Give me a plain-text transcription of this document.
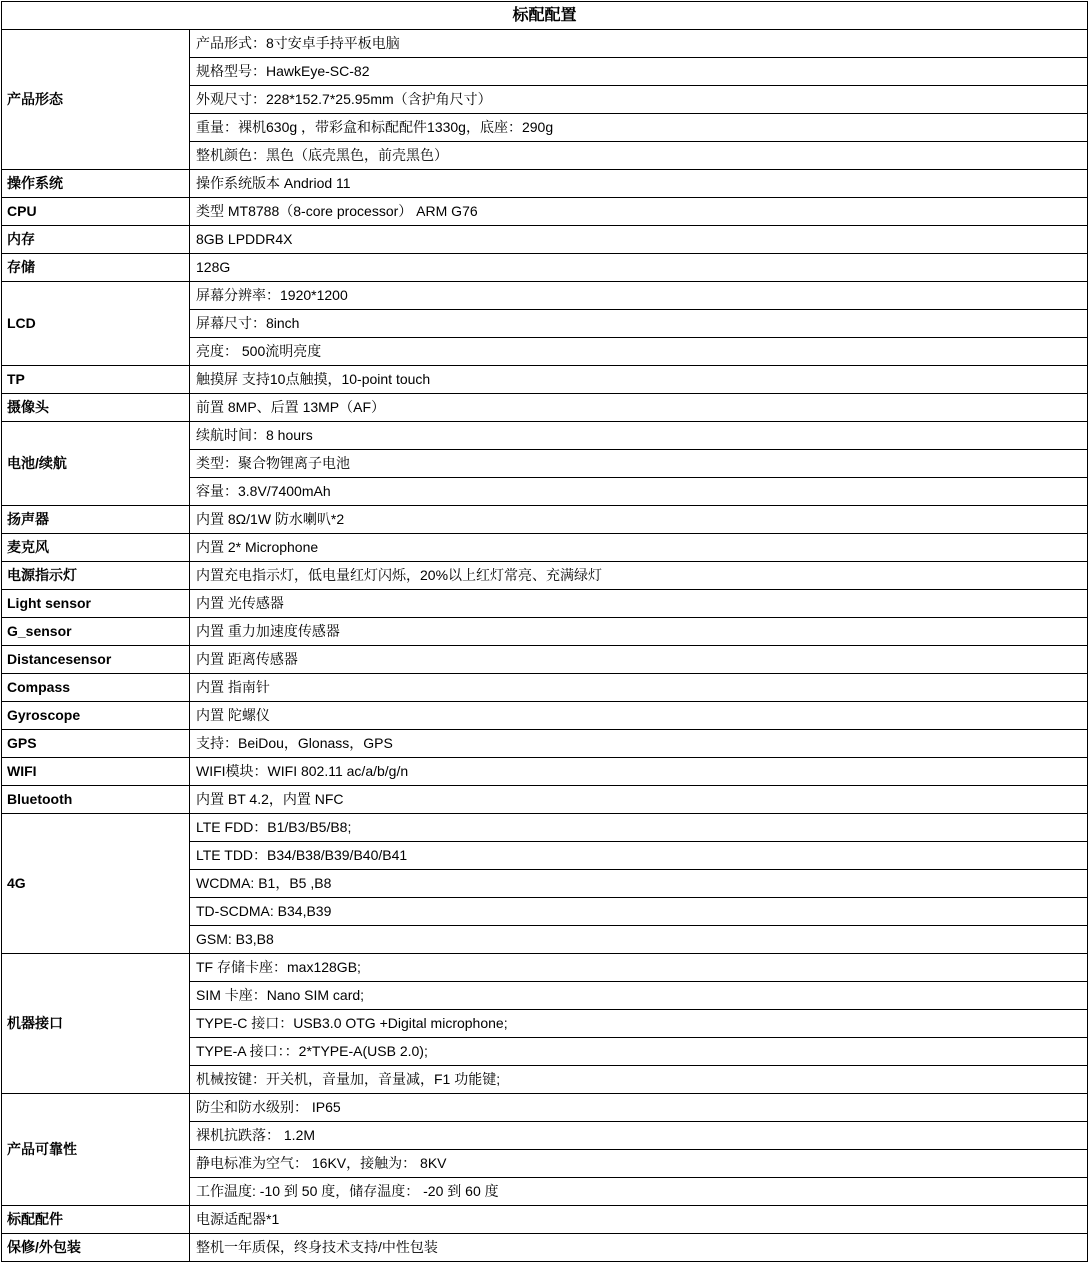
标配配置	
产品形态	产品形式：8寸安卓手持平板电脑
	规格型号：HawkEye-SC-82
	外观尺寸：228*152.7*25.95mm（含护角尺寸）
	重量：裸机630g ，带彩盒和标配配件1330g，底座：290g
	整机颜色：黑色（底壳黑色，前壳黑色）
操作系统	操作系统版本 Andriod 11
CPU	类型 MT8788（8-core processor） ARM G76
内存	8GB LPDDR4X
存储	128G
LCD	屏幕分辨率：1920*1200
	屏幕尺寸：8inch
	亮度： 500流明亮度
TP	触摸屏 支持10点触摸，10-point touch
摄像头	前置 8MP、后置 13MP（AF）
电池/续航	续航时间：8 hours
	类型：聚合物锂离子电池
	容量：3.8V/7400mAh
扬声器	内置 8Ω/1W 防水喇叭*2
麦克风	内置 2* Microphone
电源指示灯	内置充电指示灯，低电量红灯闪烁，20%以上红灯常亮、充满绿灯
Light sensor	内置 光传感器
G_sensor	内置 重力加速度传感器
Distancesensor	内置 距离传感器
Compass	内置 指南针
Gyroscope	内置 陀螺仪
GPS	支持：BeiDou，Glonass，GPS
WIFI	WIFI模块：WIFI 802.11 ac/a/b/g/n
Bluetooth	内置 BT 4.2，内置 NFC
4G	LTE FDD：B1/B3/B5/B8;
	LTE TDD：B34/B38/B39/B40/B41
	WCDMA: B1，B5 ,B8
	TD-SCDMA: B34,B39
	GSM: B3,B8
机器接口	TF 存储卡座：max128GB;
	SIM 卡座：Nano SIM card;
	TYPE-C 接口：USB3.0 OTG +Digital microphone;
	TYPE-A 接口：：2*TYPE-A(USB 2.0);
	机械按键：开关机，音量加，音量减，F1 功能键;
产品可靠性	防尘和防水级别： IP65
	裸机抗跌落： 1.2M
	静电标准为空气： 16KV，接触为： 8KV
	工作温度: -10 到 50 度，储存温度： -20 到 60 度
标配配件	电源适配器*1
保修/外包装	整机一年质保，终身技术支持/中性包装
